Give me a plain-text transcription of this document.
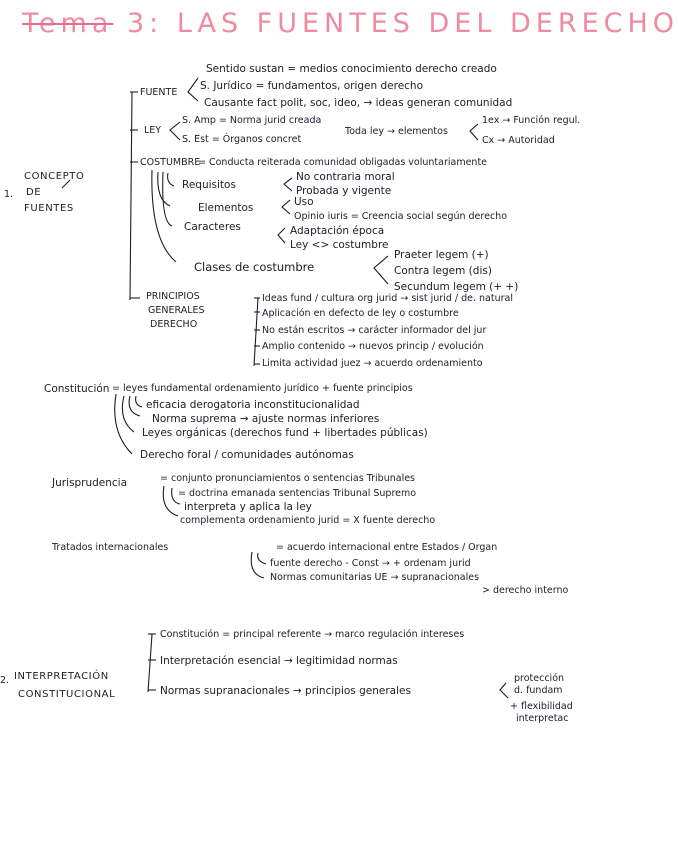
Tema 3: LAS FUENTES DEL DERECHO
1.
CONCEPTO
DE
FUENTES
FUENTE
Sentido sustan = medios conocimiento derecho creado
S. Jurídico = fundamentos, origen derecho
Causante fact polit, soc, ideo, → ideas generan comunidad
LEY
S. Amp = Norma jurid creada
S. Est = Órganos concret
Toda ley → elementos
1ex → Función regul.
Cx → Autoridad
COSTUMBRE
= Conducta reiterada comunidad obligadas voluntariamente
Requisitos
No contraria moral
Probada y vigente
Elementos	Uso
Opinio iuris = Creencia social según derecho
Caracteres	Adaptación época
Ley <> costumbre
Clases de costumbre
Praeter legem (+)
Contra legem (dis)
Secundum legem (+ +)
PRINCIPIOS
GENERALES
DERECHO
Ideas fund / cultura org jurid → sist jurid / de. natural
Aplicación en defecto de ley o costumbre
No están escritos → carácter informador del jur
Amplio contenido → nuevos princip / evolución
Limita actividad juez → acuerdo ordenamiento
Constitución = leyes fundamental ordenamiento jurídico + fuente principios
eficacia derogatoria inconstitucionalidad
Norma suprema → ajuste normas inferiores
Leyes orgánicas (derechos fund + libertades públicas)
Derecho foral / comunidades autónomas
Jurisprudencia	= conjunto pronunciamientos o sentencias Tribunales
= doctrina emanada sentencias Tribunal Supremo
interpreta y aplica la ley
complementa ordenamiento jurid = X fuente derecho
Tratados internacionales	= acuerdo internacional entre Estados / Organ
fuente derecho - Const → + ordenam jurid
Normas comunitarias UE → supranacionales
> derecho interno
2. INTERPRETACIÓN
CONSTITUCIONAL
Constitución = principal referente → marco regulación intereses
Interpretación esencial → legitimidad normas
Normas supranacionales → principios generales
protección
d. fundam
+ flexibilidad
interpretac
